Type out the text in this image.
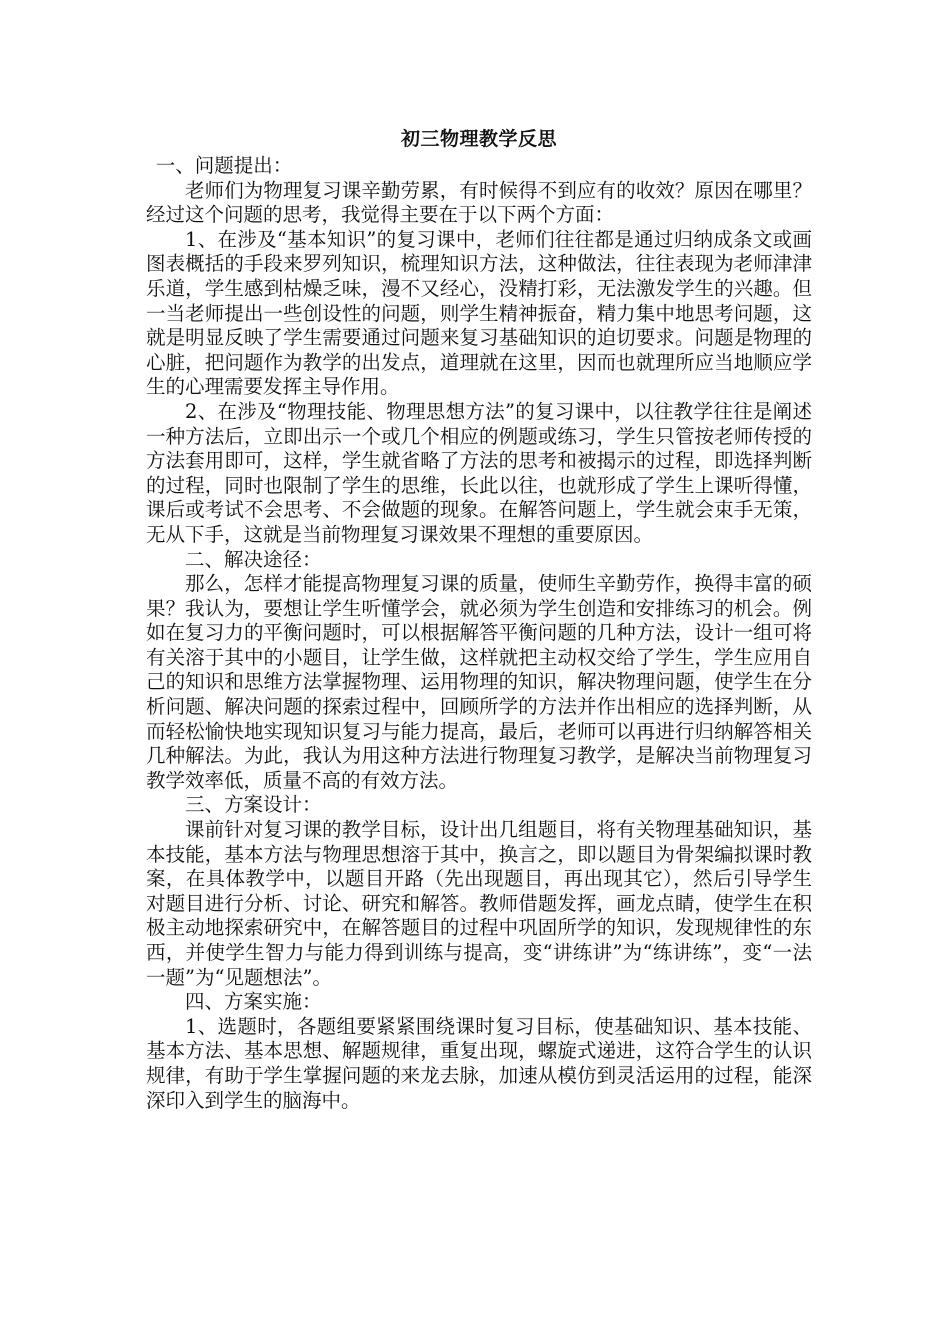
初三物理教学反思

一、问题提出：

老师们为物理复习课辛勤劳累，有时候得不到应有的收效？原因在哪里？经过这个问题的思考，我觉得主要在于以下两个方面：

1、在涉及“基本知识”的复习课中，老师们往往都是通过归纳成条文或画图表概括的手段来罗列知识，梳理知识方法，这种做法，往往表现为老师津津乐道，学生感到枯燥乏味，漫不又经心，没精打彩，无法激发学生的兴趣。但一当老师提出一些创设性的问题，则学生精神振奋，精力集中地思考问题，这就是明显反映了学生需要通过问题来复习基础知识的迫切要求。问题是物理的心脏，把问题作为教学的出发点，道理就在这里，因而也就理所应当地顺应学生的心理需要发挥主导作用。

2、在涉及“物理技能、物理思想方法”的复习课中，以往教学往往是阐述一种方法后，立即出示一个或几个相应的例题或练习，学生只管按老师传授的方法套用即可，这样，学生就省略了方法的思考和被揭示的过程，即选择判断的过程，同时也限制了学生的思维，长此以往，也就形成了学生上课听得懂，课后或考试不会思考、不会做题的现象。在解答问题上，学生就会束手无策，无从下手，这就是当前物理复习课效果不理想的重要原因。

二、解决途径：

那么，怎样才能提高物理复习课的质量，使师生辛勤劳作，换得丰富的硕果？我认为，要想让学生听懂学会，就必须为学生创造和安排练习的机会。例如在复习力的平衡问题时，可以根据解答平衡问题的几种方法，设计一组可将有关溶于其中的小题目，让学生做，这样就把主动权交给了学生，学生应用自己的知识和思维方法掌握物理、运用物理的知识，解决物理问题，使学生在分析问题、解决问题的探索过程中，回顾所学的方法并作出相应的选择判断，从而轻松愉快地实现知识复习与能力提高，最后，老师可以再进行归纳解答相关几种解法。为此，我认为用这种方法进行物理复习教学，是解决当前物理复习教学效率低，质量不高的有效方法。

三、方案设计：

课前针对复习课的教学目标，设计出几组题目，将有关物理基础知识，基本技能，基本方法与物理思想溶于其中，换言之，即以题目为骨架编拟课时教案，在具体教学中，以题目开路（先出现题目，再出现其它），然后引导学生对题目进行分析、讨论、研究和解答。教师借题发挥，画龙点睛，使学生在积极主动地探索研究中，在解答题目的过程中巩固所学的知识，发现规律性的东西，并使学生智力与能力得到训练与提高，变“讲练讲”为“练讲练”，变“一法一题”为“见题想法”。

四、方案实施：

1、选题时，各题组要紧紧围绕课时复习目标，使基础知识、基本技能、基本方法、基本思想、解题规律，重复出现，螺旋式递进，这符合学生的认识规律，有助于学生掌握问题的来龙去脉，加速从模仿到灵活运用的过程，能深深印入到学生的脑海中。
